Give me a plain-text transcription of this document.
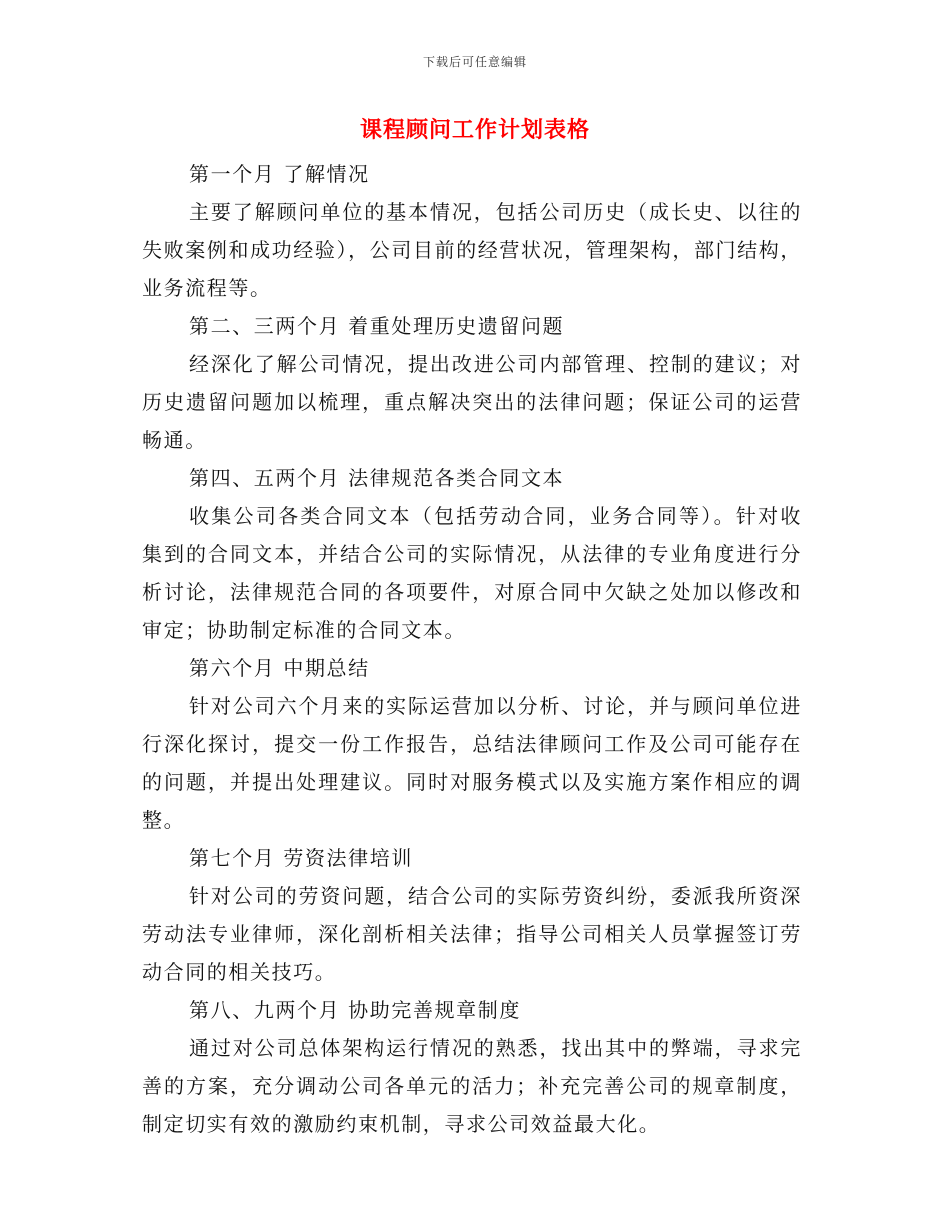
下载后可任意编辑
课程顾问工作计划表格

第一个月 了解情况

主要了解顾问单位的基本情况，包括公司历史（成长史、以往的失败案例和成功经验），公司目前的经营状况，管理架构，部门结构，业务流程等。

第二、三两个月 着重处理历史遗留问题

经深化了解公司情况，提出改进公司内部管理、控制的建议；对历史遗留问题加以梳理，重点解决突出的法律问题；保证公司的运营畅通。

第四、五两个月 法律规范各类合同文本

收集公司各类合同文本（包括劳动合同，业务合同等）。针对收集到的合同文本，并结合公司的实际情况，从法律的专业角度进行分析讨论，法律规范合同的各项要件，对原合同中欠缺之处加以修改和审定；协助制定标准的合同文本。

第六个月 中期总结

针对公司六个月来的实际运营加以分析、讨论，并与顾问单位进行深化探讨，提交一份工作报告，总结法律顾问工作及公司可能存在的问题，并提出处理建议。同时对服务模式以及实施方案作相应的调整。

第七个月 劳资法律培训

针对公司的劳资问题，结合公司的实际劳资纠纷，委派我所资深劳动法专业律师，深化剖析相关法律；指导公司相关人员掌握签订劳动合同的相关技巧。

第八、九两个月 协助完善规章制度

通过对公司总体架构运行情况的熟悉，找出其中的弊端，寻求完善的方案，充分调动公司各单元的活力；补充完善公司的规章制度，制定切实有效的激励约束机制，寻求公司效益最大化。
